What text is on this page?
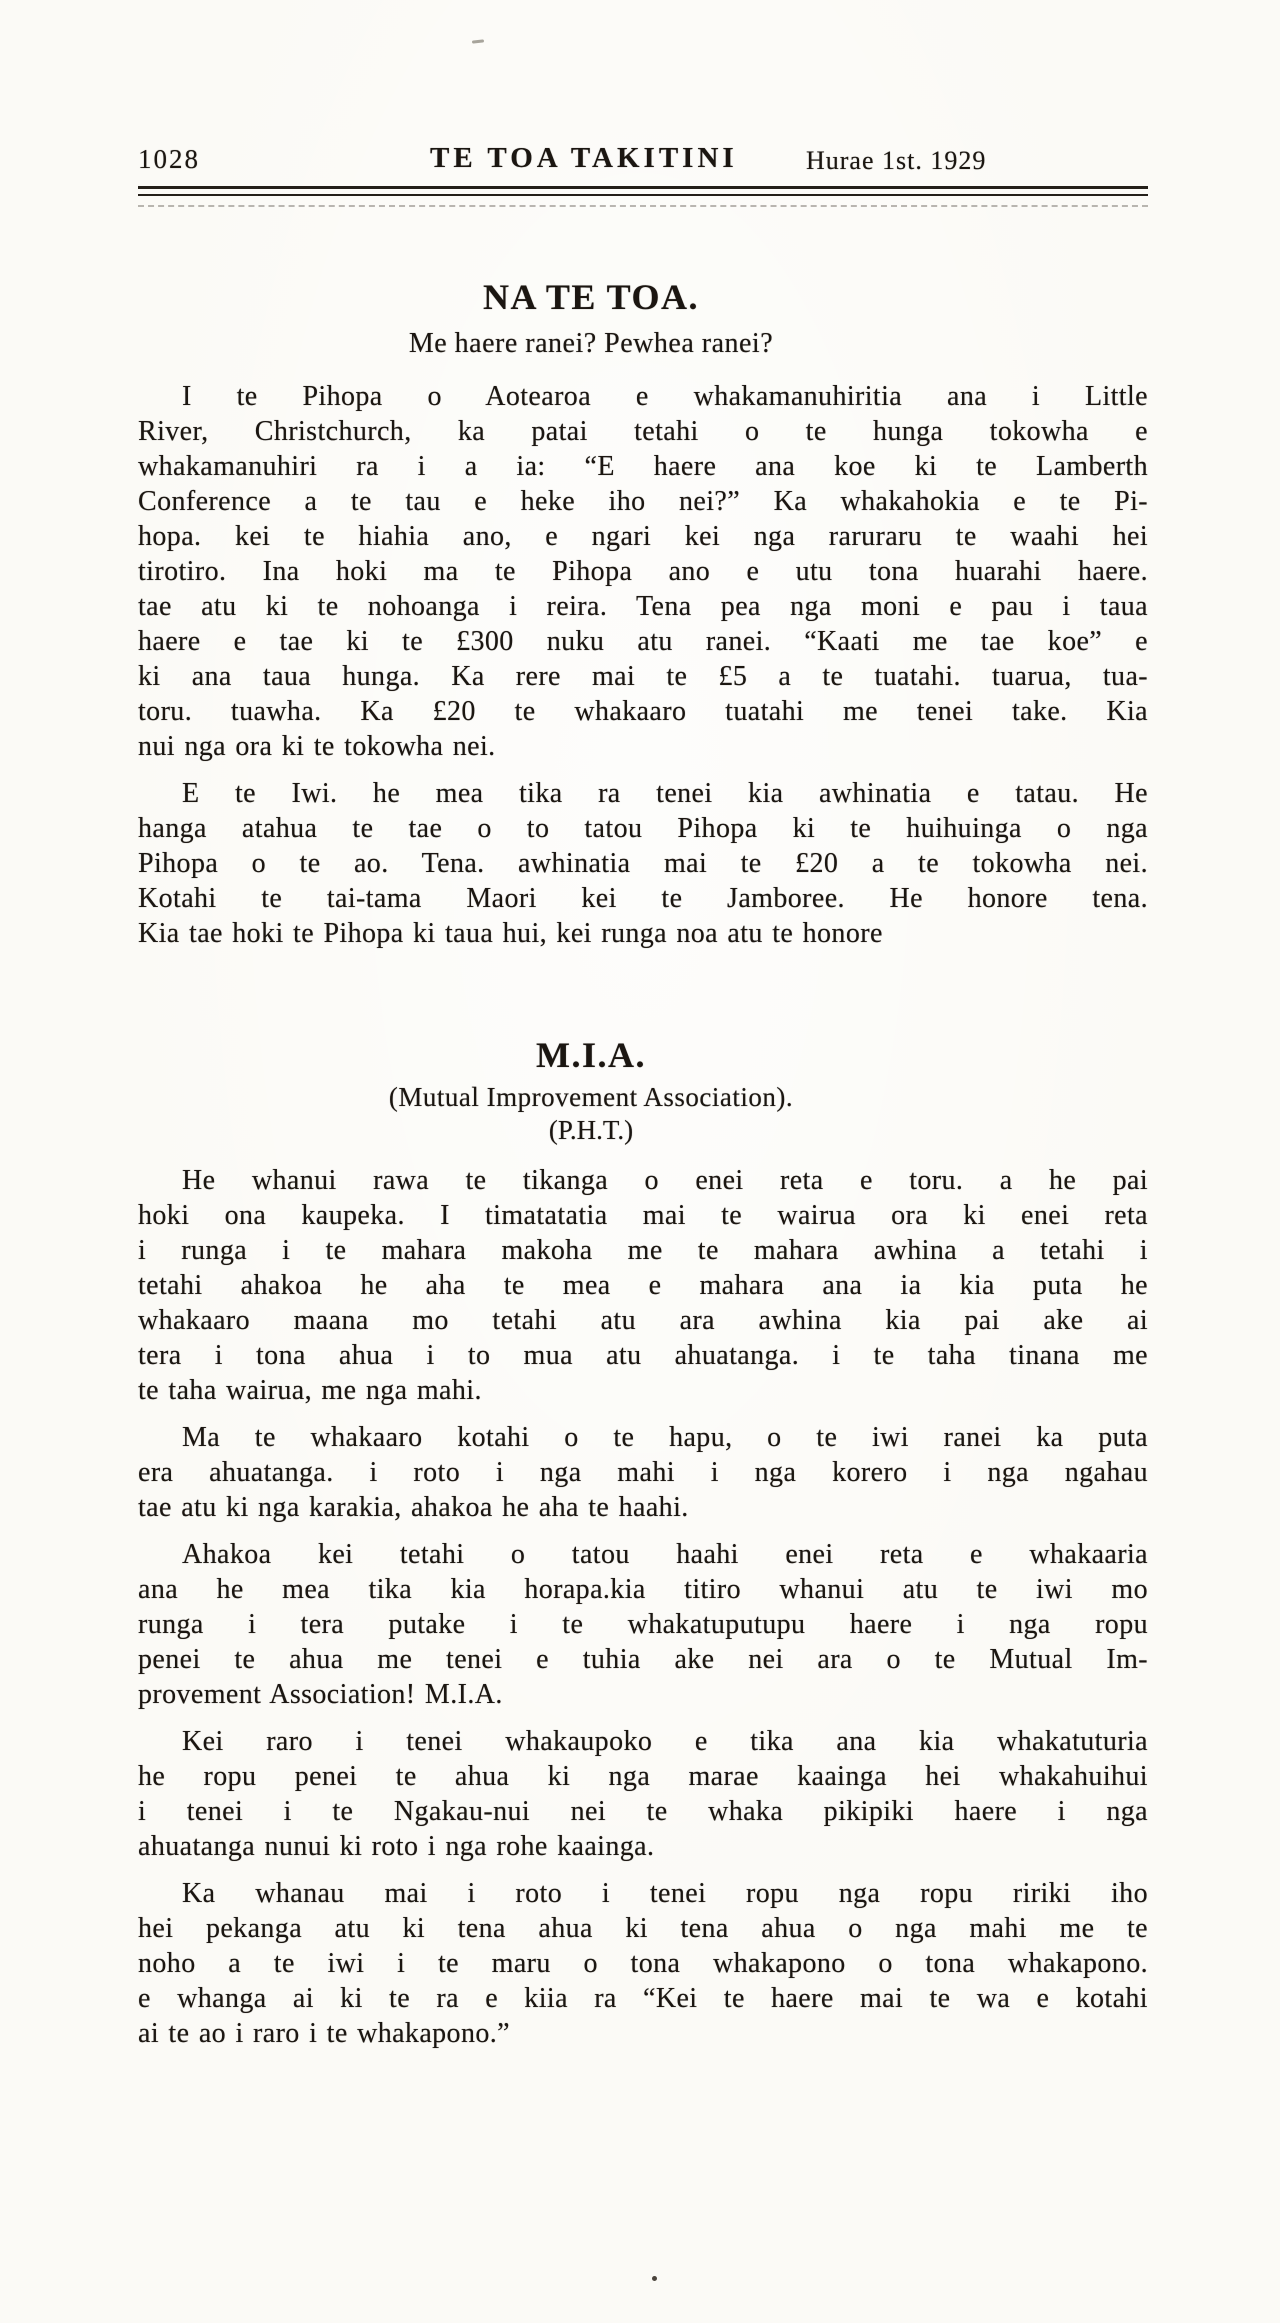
1028	TE TOA TAKITINI	Hurae 1st. 1929
NA TE TOA.
Me haere ranei? Pewhea ranei?
I te Pihopa o Aotearoa e whakamanuhiritia ana i Little
River, Christchurch, ka patai tetahi o te hunga tokowha e
whakamanuhiri ra i a ia: “E haere ana koe ki te Lamberth
Conference a te tau e heke iho nei?” Ka whakahokia e te Pi-
hopa. kei te hiahia ano, e ngari kei nga raruraru te waahi hei
tirotiro. Ina hoki ma te Pihopa ano e utu tona huarahi haere.
tae atu ki te nohoanga i reira. Tena pea nga moni e pau i taua
haere e tae ki te £300 nuku atu ranei. “Kaati me tae koe” e
ki ana taua hunga. Ka rere mai te £5 a te tuatahi. tuarua, tua-
toru. tuawha. Ka £20 te whakaaro tuatahi me tenei take. Kia
nui nga ora ki te tokowha nei.
E te Iwi. he mea tika ra tenei kia awhinatia e tatau. He
hanga atahua te tae o to tatou Pihopa ki te huihuinga o nga
Pihopa o te ao. Tena. awhinatia mai te £20 a te tokowha nei.
Kotahi te tai-tama Maori kei te Jamboree. He honore tena.
Kia tae hoki te Pihopa ki taua hui, kei runga noa atu te honore
M.I.A.
(Mutual Improvement Association).
(P.H.T.)
He whanui rawa te tikanga o enei reta e toru. a he pai
hoki ona kaupeka. I timatatatia mai te wairua ora ki enei reta
i runga i te mahara makoha me te mahara awhina a tetahi i
tetahi ahakoa he aha te mea e mahara ana ia kia puta he
whakaaro maana mo tetahi atu ara awhina kia pai ake ai
tera i tona ahua i to mua atu ahuatanga. i te taha tinana me
te taha wairua, me nga mahi.
Ma te whakaaro kotahi o te hapu, o te iwi ranei ka puta
era ahuatanga. i roto i nga mahi i nga korero i nga ngahau
tae atu ki nga karakia, ahakoa he aha te haahi.
Ahakoa kei tetahi o tatou haahi enei reta e whakaaria
ana he mea tika kia horapa.kia titiro whanui atu te iwi mo
runga i tera putake i te whakatuputupu haere i nga ropu
penei te ahua me tenei e tuhia ake nei ara o te Mutual Im-
provement Association! M.I.A.
Kei raro i tenei whakaupoko e tika ana kia whakatuturia
he ropu penei te ahua ki nga marae kaainga hei whakahuihui
i tenei i te Ngakau-nui nei te whaka pikipiki haere i nga
ahuatanga nunui ki roto i nga rohe kaainga.
Ka whanau mai i roto i tenei ropu nga ropu ririki iho
hei pekanga atu ki tena ahua ki tena ahua o nga mahi me te
noho a te iwi i te maru o tona whakapono o tona whakapono.
e whanga ai ki te ra e kiia ra “Kei te haere mai te wa e kotahi
ai te ao i raro i te whakapono.”
